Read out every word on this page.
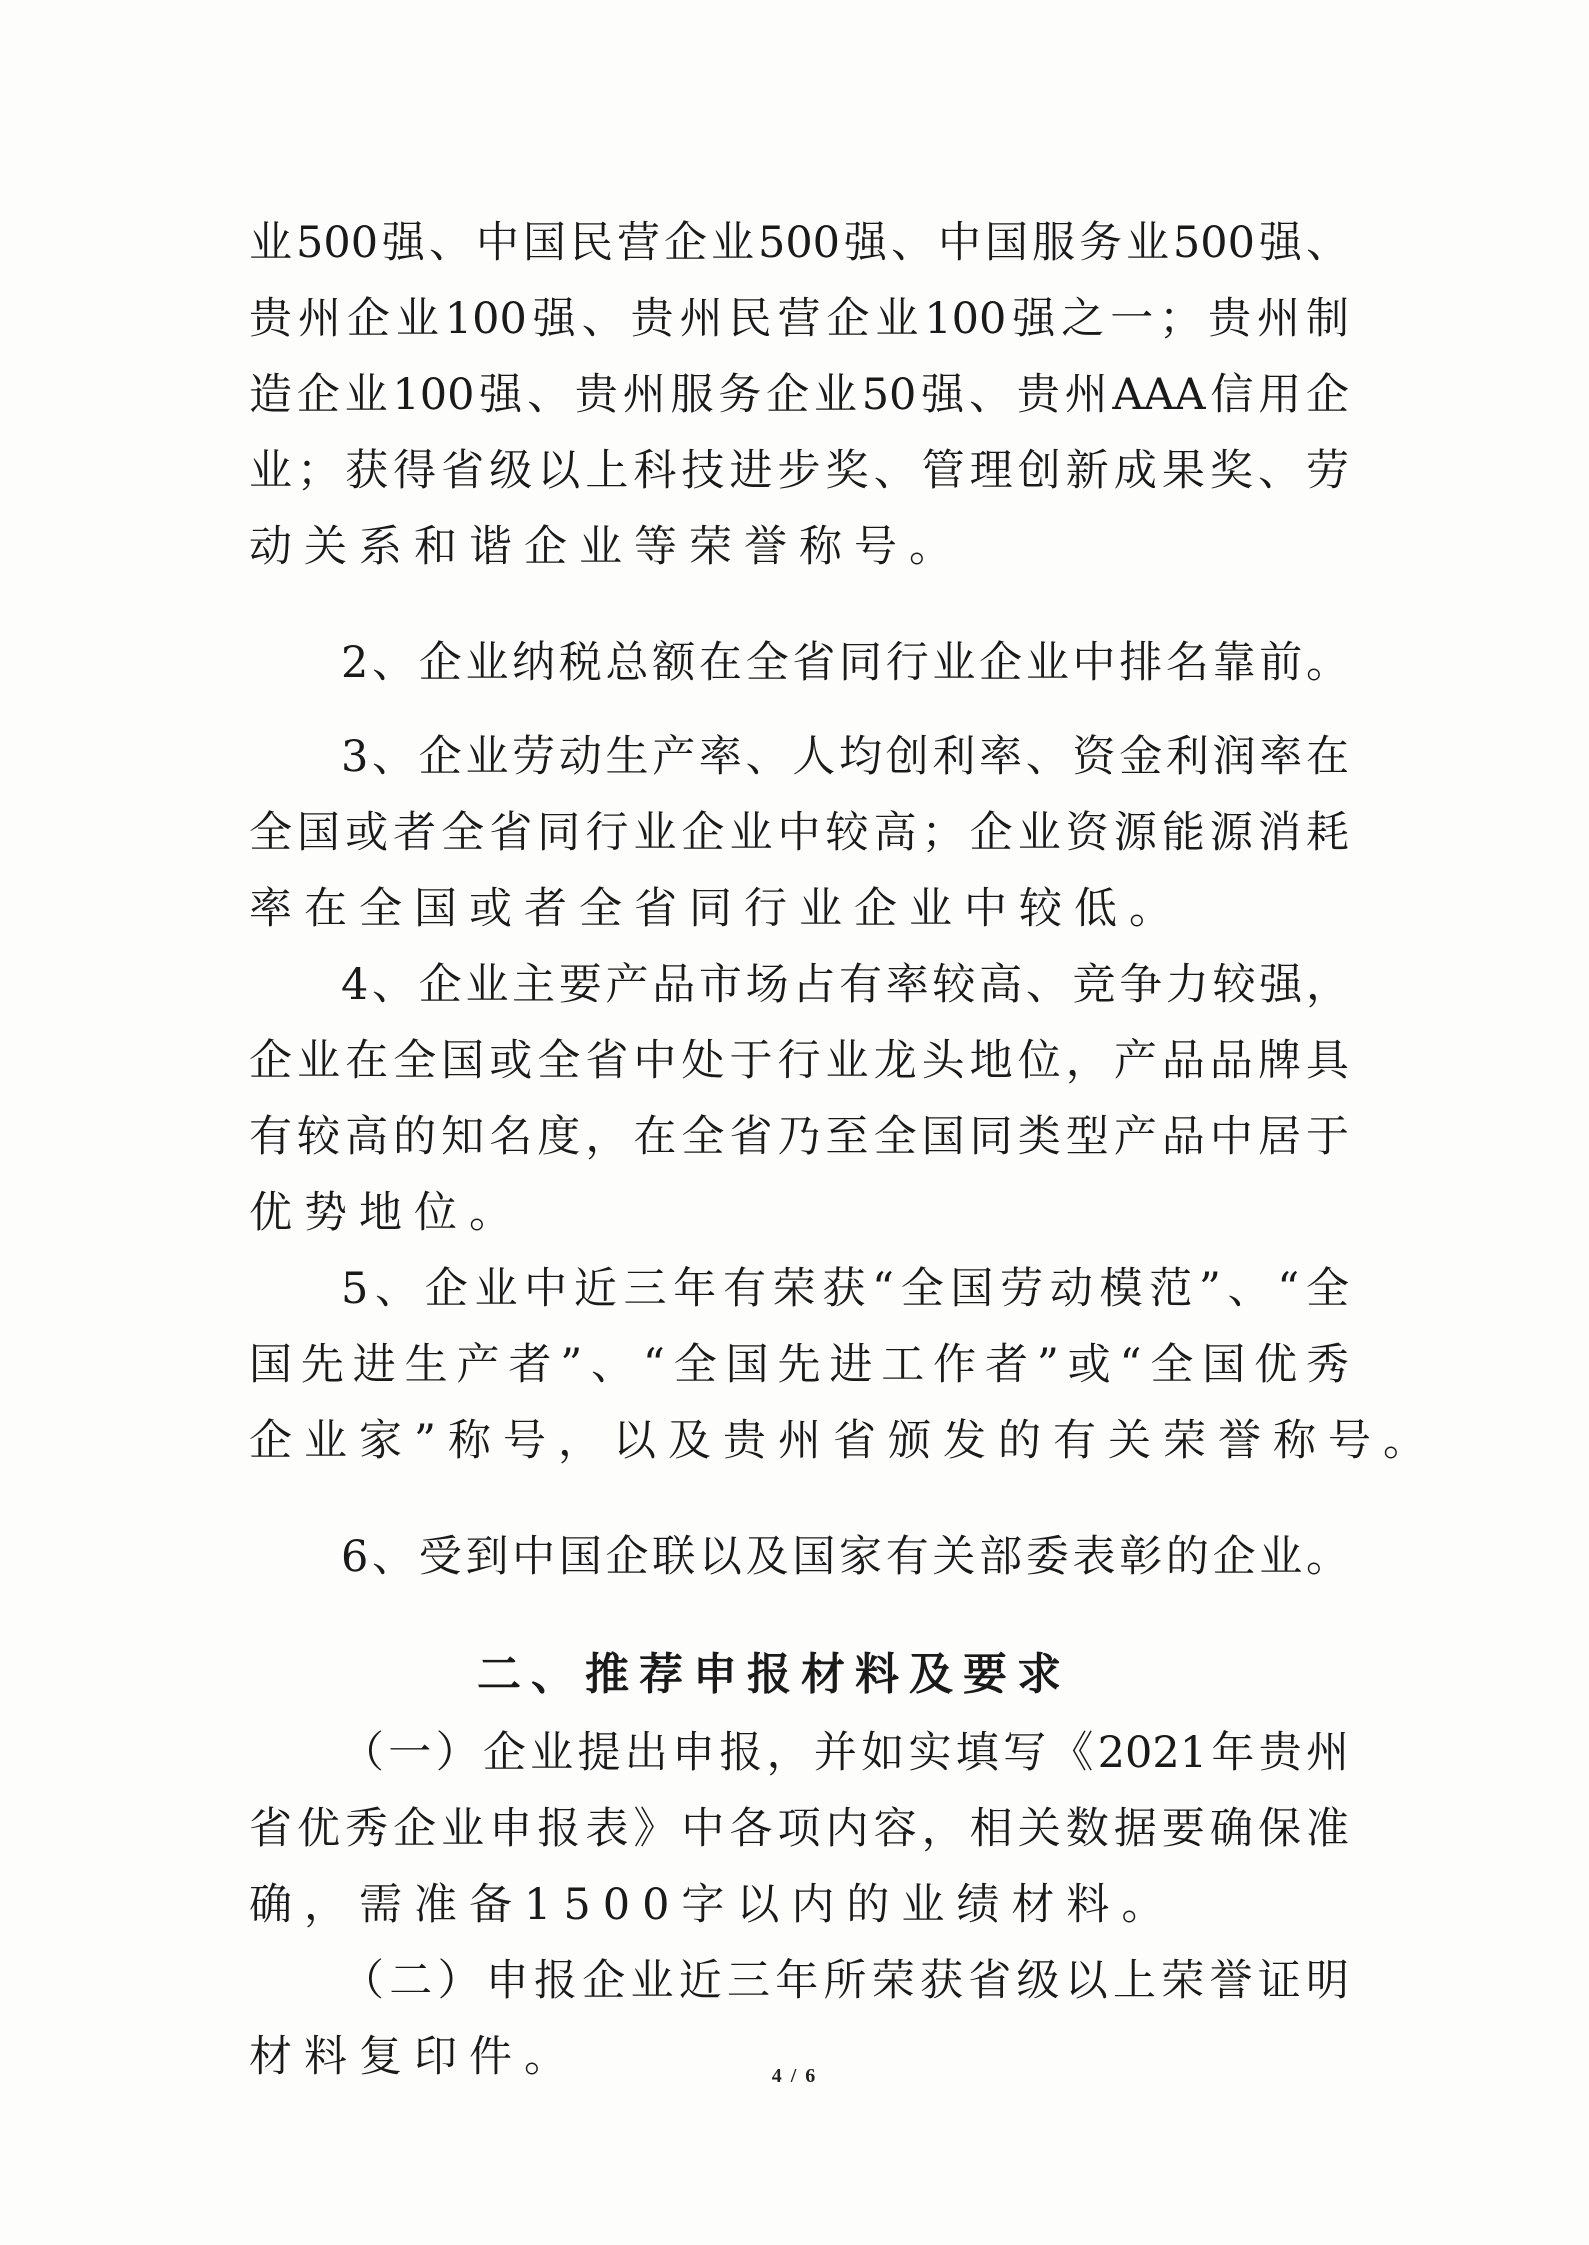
业500强、中国民营企业500强、中国服务业500强、
贵州企业100强、贵州民营企业100强之一；贵州制
造企业100强、贵州服务企业50强、贵州AAA信用企
业；获得省级以上科技进步奖、管理创新成果奖、劳
动关系和谐企业等荣誉称号。
2、企业纳税总额在全省同行业企业中排名靠前。
3、企业劳动生产率、人均创利率、资金利润率在
全国或者全省同行业企业中较高；企业资源能源消耗
率在全国或者全省同行业企业中较低。
4、企业主要产品市场占有率较高、竞争力较强，
企业在全国或全省中处于行业龙头地位，产品品牌具
有较高的知名度，在全省乃至全国同类型产品中居于
优势地位。
5、企业中近三年有荣获“全国劳动模范”、“全
国先进生产者”、“全国先进工作者”或“全国优秀
企业家”称号，以及贵州省颁发的有关荣誉称号。
6、受到中国企联以及国家有关部委表彰的企业。
二、推荐申报材料及要求
（一）企业提出申报，并如实填写《2021年贵州
省优秀企业申报表》中各项内容，相关数据要确保准
确，需准备1500字以内的业绩材料。
（二）申报企业近三年所荣获省级以上荣誉证明
材料复印件。	4 / 6
